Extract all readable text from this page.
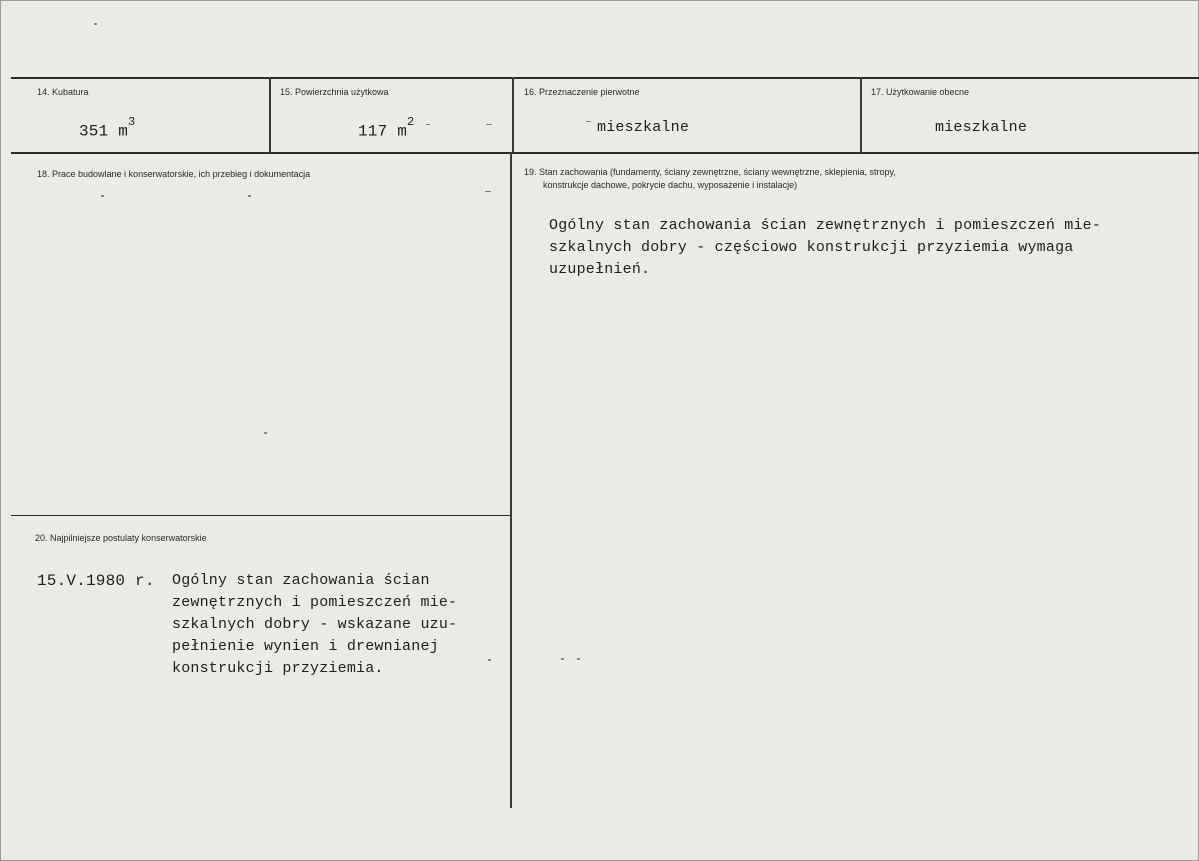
14. Kubatura
351 $m^3$
15. Powierzchnia użytkowa
117 $m^2$
16. Przeznaczenie pierwotne
mieszkalne
17. Użytkowanie obecne
mieszkalne
18. Prace budowlane i konserwatorskie, ich przebieg i dokumentacja	19. Stan zachowania (fundamenty, ściany zewnętrzne, ściany wewnętrzne, sklepienia, stropy,
konstrukcje dachowe, pokrycie dachu, wyposażenie i instalacje)
Ogólny stan zachowania ścian zewnętrznych i pomieszczeń mie-
szkalnych dobry - częściowo konstrukcji przyziemia wymaga
uzupełnień.
20. Najpilniejsze postulaty konserwatorskie
15.V.1980 r. Ogólny stan zachowania ścian
zewnętrznych i pomieszczeń mie-
szkalnych dobry - wskazane uzu-
pełnienie wynien i drewnianej
konstrukcji przyziemia.
